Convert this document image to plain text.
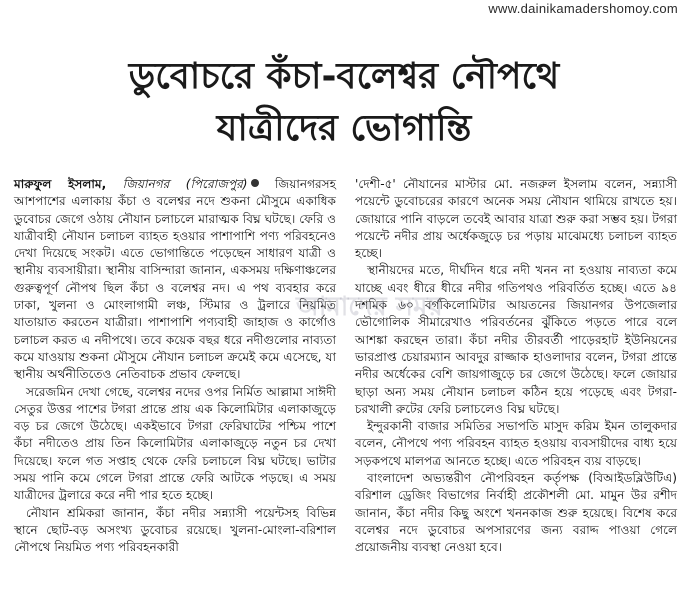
www.dainikamadershomoy.com
ডুবোচরে কঁচা-বলেশ্বর নৌপথে
যাত্রীদের ভোগান্তি

মারুফুল ইসলাম, জিয়ানগর (পিরোজপুর) জিয়ানগরসহ আশপাশের এলাকায় কঁচা ও বলেশ্বর নদে শুকনা মৌসুমে একাধিক ডুবোচর জেগে ওঠায় নৌযান চলাচলে মারাত্মক বিঘ্ন ঘটছে। ফেরি ও যাত্রীবাহী নৌযান চলাচল ব্যাহত হওয়ার পাশাপাশি পণ্য পরিবহনেও দেখা দিয়েছে সংকট। এতে ভোগান্তিতে পড়েছেন সাধারণ যাত্রী ও স্থানীয় ব্যবসায়ীরা। স্থানীয় বাসিন্দারা জানান, একসময় দক্ষিণাঞ্চলের গুরুত্বপূর্ণ নৌপথ ছিল কঁচা ও বলেশ্বর নদ। এ পথ ব্যবহার করে ঢাকা, খুলনা ও মোংলাগামী লঞ্চ, স্টিমার ও ট্রলারে নিয়মিত যাতায়াত করতেন যাত্রীরা। পাশাপাশি পণ্যবাহী জাহাজ ও কার্গোও চলাচল করত এ নদীপথে। তবে কয়েক বছর ধরে নদীগুলোর নাব্যতা কমে যাওয়ায় শুকনা মৌসুমে নৌযান চলাচল ক্রমেই কমে এসেছে, যা স্থানীয় অর্থনীতিতেও নেতিবাচক প্রভাব ফেলছে।

সরেজমিন দেখা গেছে, বলেশ্বর নদের ওপর নির্মিত আল্লামা সাঈদী সেতুর উত্তর পাশের টগরা প্রান্তে প্রায় এক কিলোমিটার এলাকাজুড়ে বড় চর জেগে উঠেছে। একইভাবে টগরা ফেরিঘাটের পশ্চিম পাশে কঁচা নদীতেও প্রায় তিন কিলোমিটার এলাকাজুড়ে নতুন চর দেখা দিয়েছে। ফলে গত সপ্তাহ থেকে ফেরি চলাচলে বিঘ্ন ঘটছে। ভাটার সময় পানি কমে গেলে টগরা প্রান্তে ফেরি আটকে পড়ছে। এ সময় যাত্রীদের ট্রলারে করে নদী পার হতে হচ্ছে।

নৌযান শ্রমিকরা জানান, কঁচা নদীর সন্ন্যাসী পয়েন্টসহ বিভিন্ন স্থানে ছোট-বড় অসংখ্য ডুবোচর রয়েছে। খুলনা-মোংলা-বরিশাল নৌপথে নিয়মিত পণ্য পরিবহনকারী

'দেশী-৫' নৌযানের মাস্টার মো. নজরুল ইসলাম বলেন, সন্ন্যাসী পয়েন্টে ডুবোচরের কারণে অনেক সময় নৌযান থামিয়ে রাখতে হয়। জোয়ারে পানি বাড়লে তবেই আবার যাত্রা শুরু করা সম্ভব হয়। টগরা পয়েন্টে নদীর প্রায় অর্ধেকজুড়ে চর পড়ায় মাঝেমধ্যে চলাচল ব্যাহত হচ্ছে।

স্থানীয়দের মতে, দীর্ঘদিন ধরে নদী খনন না হওয়ায় নাব্যতা কমে যাচ্ছে এবং ধীরে ধীরে নদীর গতিপথও পরিবর্তিত হচ্ছে। এতে ৯৪ দশমিক ৬০ বর্গকিলোমিটার আয়তনের জিয়ানগর উপজেলার ভৌগোলিক সীমারেখাও পরিবর্তনের ঝুঁকিতে পড়তে পারে বলে আশঙ্কা করছেন তারা। কঁচা নদীর তীরবর্তী পাড়েরহাট ইউনিয়নের ভারপ্রাপ্ত চেয়ারম্যান আবদুর রাজ্জাক হাওলাদার বলেন, টগরা প্রান্তে নদীর অর্ধেকের বেশি জায়গাজুড়ে চর জেগে উঠেছে। ফলে জোয়ার ছাড়া অন্য সময় নৌযান চলাচল কঠিন হয়ে পড়েছে এবং টগরা-চরখালী রুটের ফেরি চলাচলেও বিঘ্ন ঘটছে।

ইন্দুরকানী বাজার সমিতির সভাপতি মাসুদ করিম ইমন তালুকদার বলেন, নৌপথে পণ্য পরিবহন ব্যাহত হওয়ায় ব্যবসায়ীদের বাধ্য হয়ে সড়কপথে মালপত্র আনতে হচ্ছে। এতে পরিবহন ব্যয় বাড়ছে।

বাংলাদেশ অভ্যন্তরীণ নৌপরিবহন কর্তৃপক্ষ (বিআইডব্লিউটিএ) বরিশাল ড্রেজিং বিভাগের নির্বাহী প্রকৌশলী মো. মামুন উর রশীদ জানান, কঁচা নদীর কিছু অংশে খননকাজ শুরু হয়েছে। বিশেষ করে বলেশ্বর নদে ডুবোচর অপসারণের জন্য বরাদ্দ পাওয়া গেলে প্রয়োজনীয় ব্যবস্থা নেওয়া হবে।

আমাদের সময়
